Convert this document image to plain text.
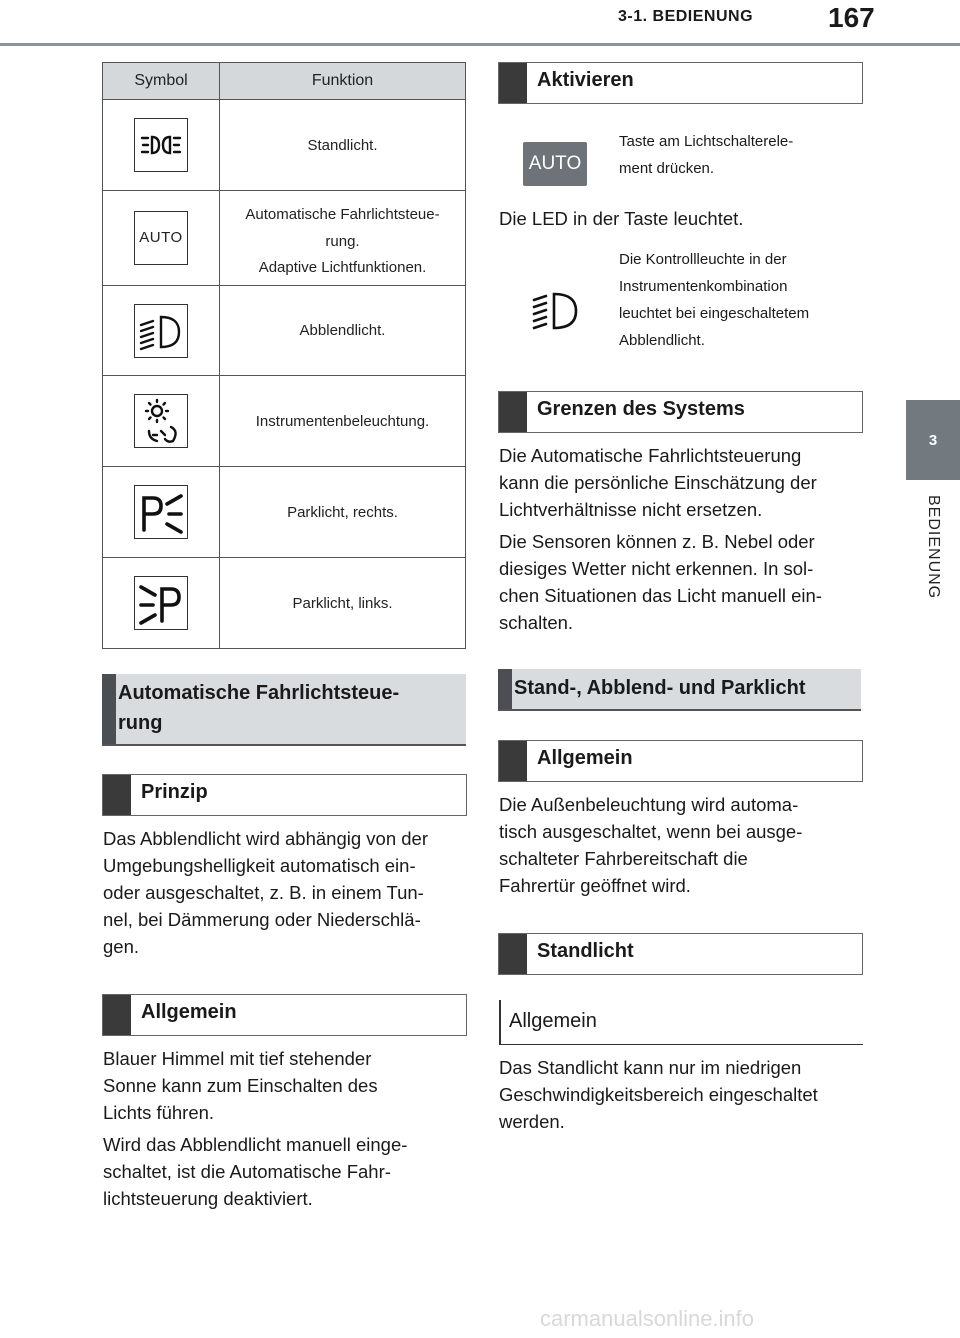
3-1. BEDIENUNG	167
3
BEDIENUNG
Symbol	Funktion

	Standlicht.
AUTO	Automatische Fahrlichtsteue-
rung.
Adaptive Lichtfunktionen.

	Abblendlicht.

	Instrumentenbeleuchtung.

	Parklicht, rechts.

	Parklicht, links.
Automatische Fahrlichtsteue-
rung
Prinzip
Das Abblendlicht wird abhängig von der
Umgebungshelligkeit automatisch ein-
oder ausgeschaltet, z. B. in einem Tun-
nel, bei Dämmerung oder Niederschlä-
gen.
Allgemein
Blauer Himmel mit tief stehender
Sonne kann zum Einschalten des
Lichts führen.
Wird das Abblendlicht manuell einge-
schaltet, ist die Automatische Fahr-
lichtsteuerung deaktiviert.
Aktivieren
AUTO
Taste am Lichtschalterele-
ment drücken.
Die LED in der Taste leuchtet.
Die Kontrollleuchte in der
Instrumentenkombination
leuchtet bei eingeschaltetem
Abblendlicht.
Grenzen des Systems
Die Automatische Fahrlichtsteuerung
kann die persönliche Einschätzung der
Lichtverhältnisse nicht ersetzen.
Die Sensoren können z. B. Nebel oder
diesiges Wetter nicht erkennen. In sol-
chen Situationen das Licht manuell ein-
schalten.
Stand-, Abblend- und Parklicht
Allgemein
Die Außenbeleuchtung wird automa-
tisch ausgeschaltet, wenn bei ausge-
schalteter Fahrbereitschaft die
Fahrertür geöffnet wird.
Standlicht
Allgemein
Das Standlicht kann nur im niedrigen
Geschwindigkeitsbereich eingeschaltet
werden.
carmanualsonline.info
